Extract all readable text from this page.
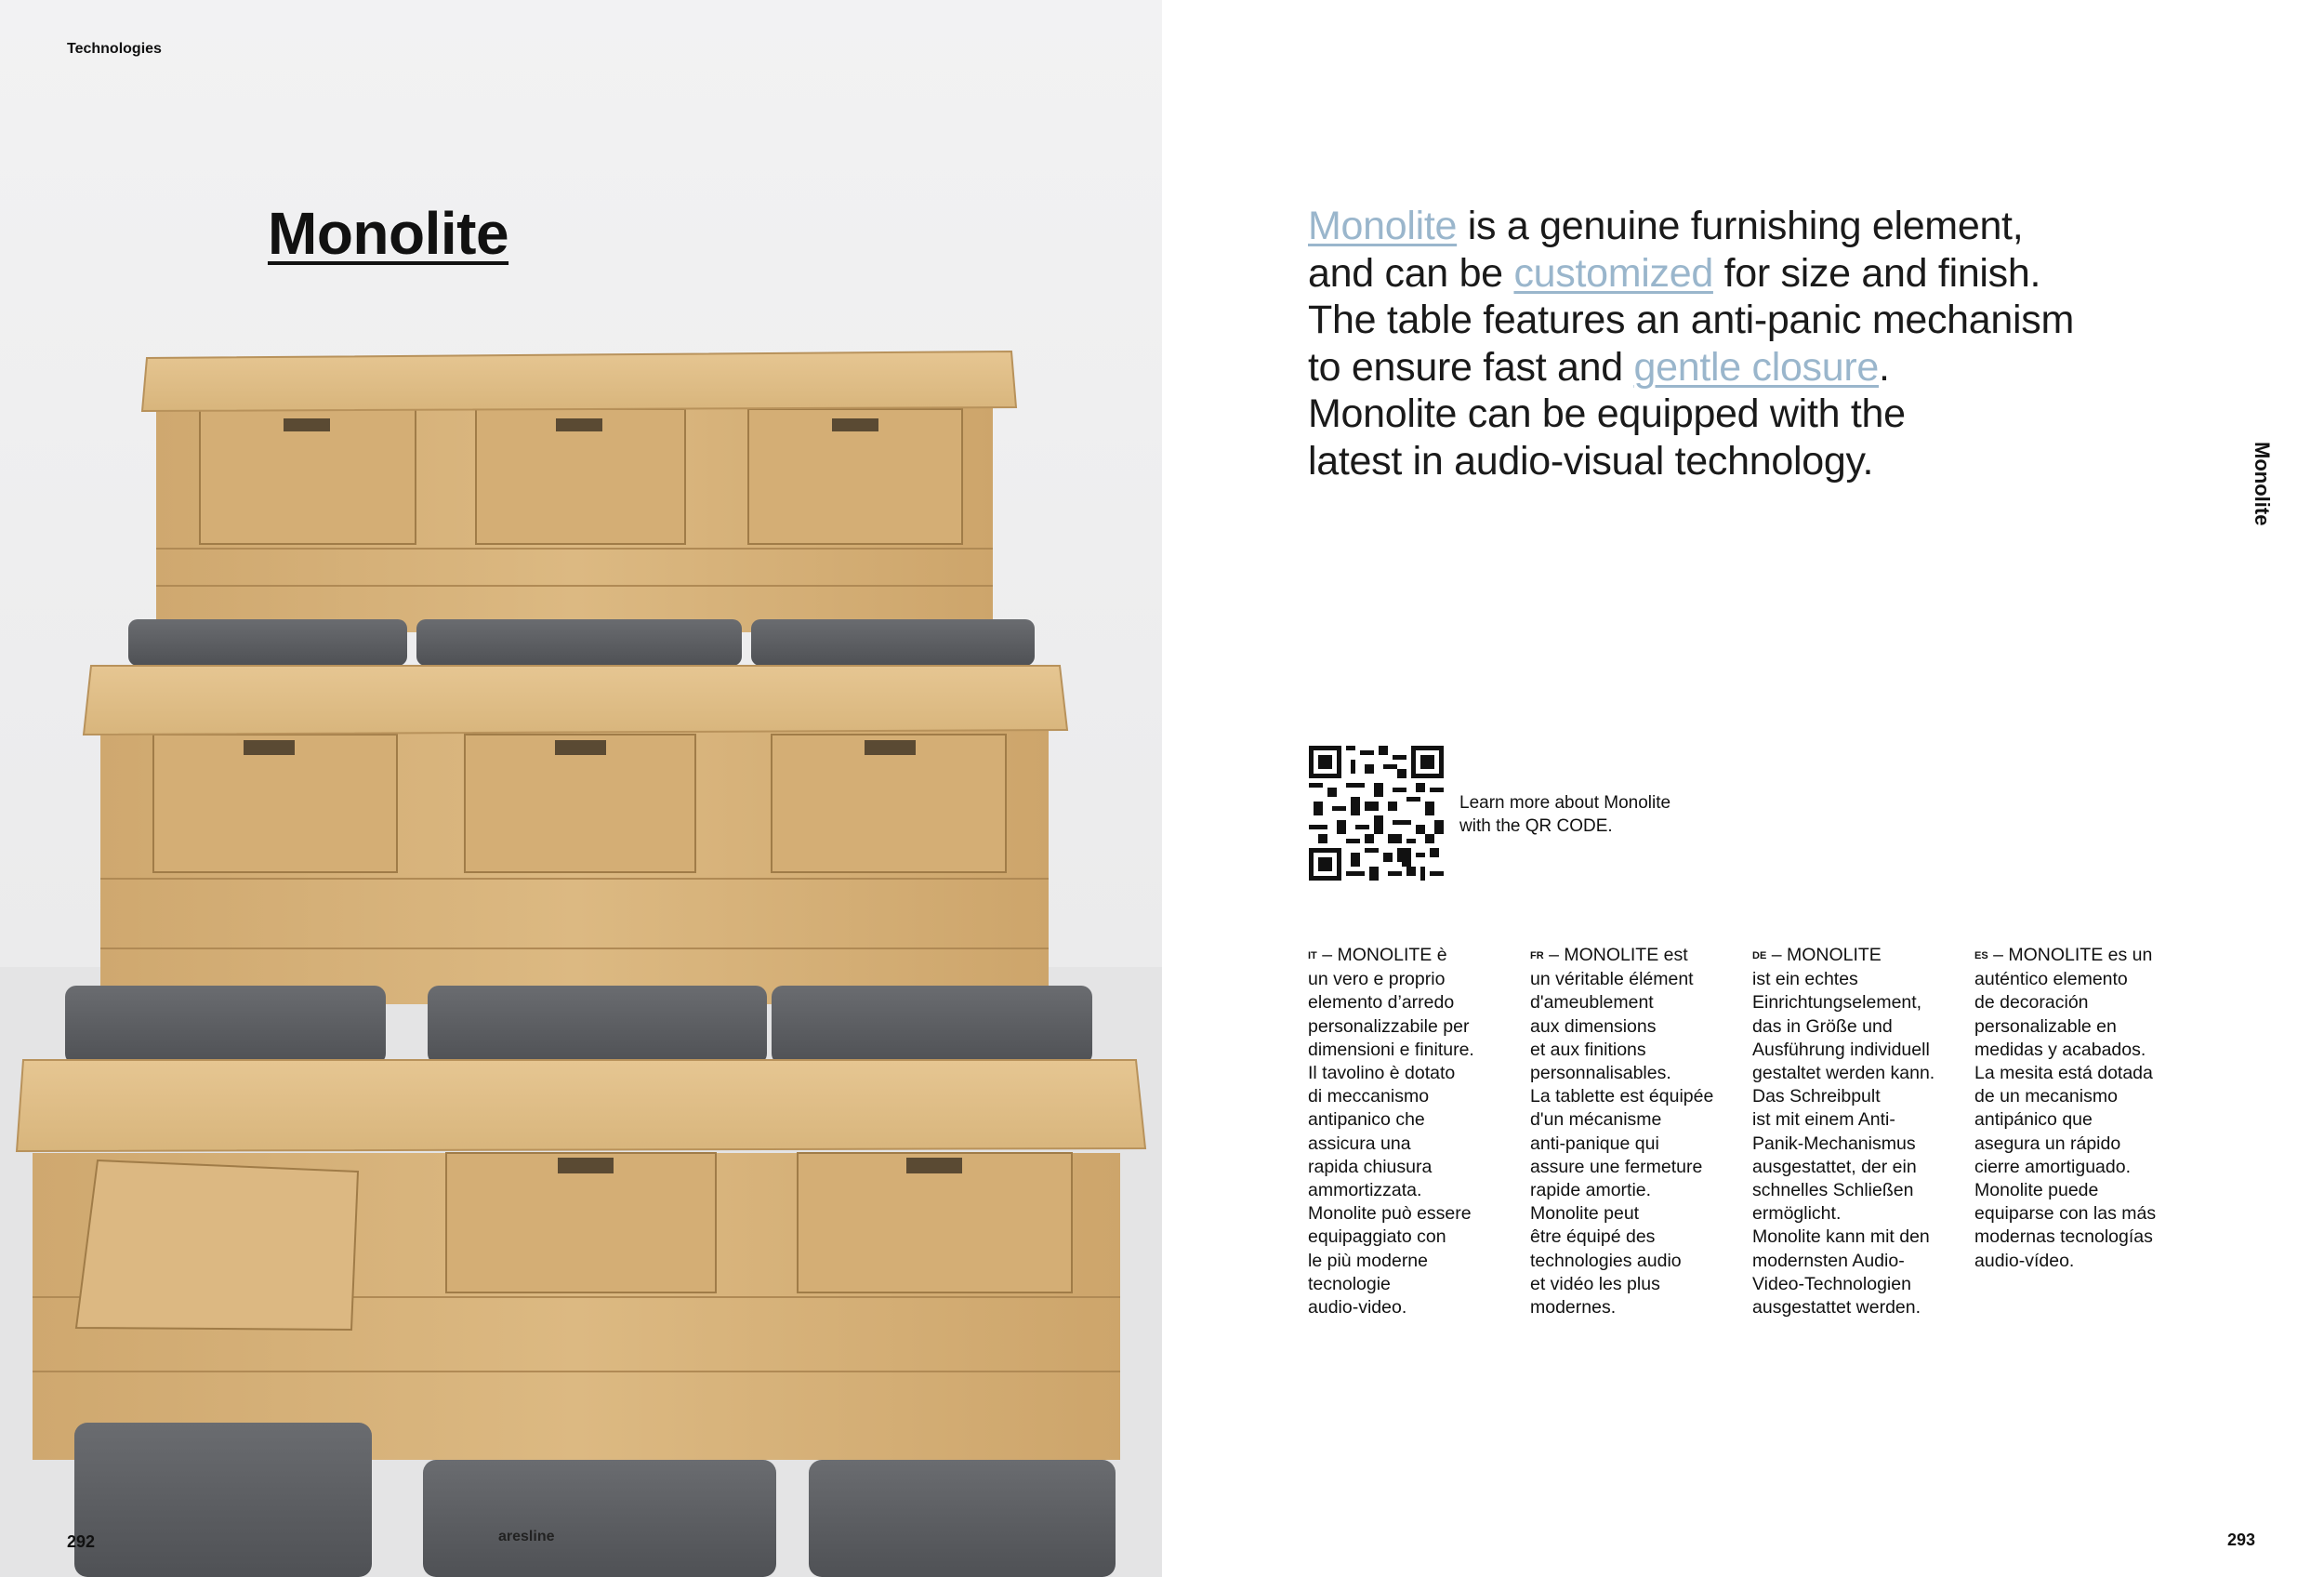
Technologies
Monolite
292	aresline
Monolite is a genuine furnishing element,
and can be customized for size and finish.
The table features an anti-panic mechanism
to ensure fast and gentle closure.
Monolite can be equipped with the
latest in audio-visual technology.	Monolite
Learn more about Monolite
with the QR CODE.
IT – MONOLITE è
un vero e proprio
elemento d’arredo
personalizzabile per
dimensioni e finiture.
Il tavolino è dotato
di meccanismo
antipanico che
assicura una
rapida chiusura
ammortizzata.
Monolite può essere
equipaggiato con
le più moderne
tecnologie
audio-video.
FR – MONOLITE est
un véritable élément
d'ameublement
aux dimensions
et aux finitions
personnalisables.
La tablette est équipée
d'un mécanisme
anti-panique qui
assure une fermeture
rapide amortie.
Monolite peut
être équipé des
technologies audio
et vidéo les plus
modernes.
DE – MONOLITE
ist ein echtes
Einrichtungselement,
das in Größe und
Ausführung individuell
gestaltet werden kann.
Das Schreibpult
ist mit einem Anti-
Panik-Mechanismus
ausgestattet, der ein
schnelles Schließen
ermöglicht.
Monolite kann mit den
modernsten Audio-
Video-Technologien
ausgestattet werden.
ES – MONOLITE es un
auténtico elemento
de decoración
personalizable en
medidas y acabados.
La mesita está dotada
de un mecanismo
antipánico que
asegura un rápido
cierre amortiguado.
Monolite puede
equiparse con las más
modernas tecnologías
audio-vídeo.
293
